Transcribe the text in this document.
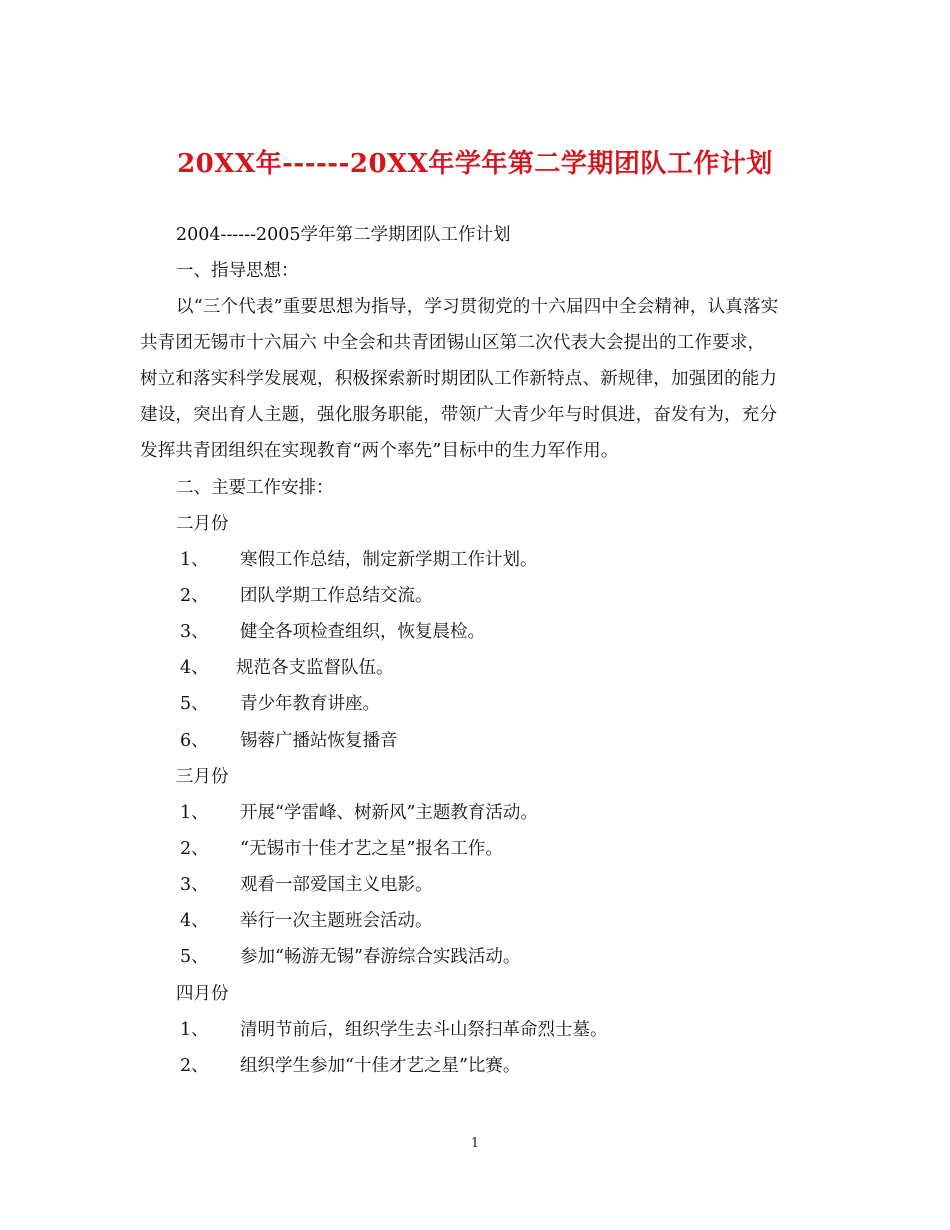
20XX年------20XX年学年第二学期团队工作计划
2004------2005学年第二学期团队工作计划
一、指导思想：
以“三个代表”重要思想为指导，学习贯彻党的十六届四中全会精神，认真落实
共青团无锡市十六届六 中全会和共青团锡山区第二次代表大会提出的工作要求，
树立和落实科学发展观，积极探索新时期团队工作新特点、新规律，加强团的能力
建设，突出育人主题，强化服务职能，带领广大青少年与时俱进，奋发有为，充分
发挥共青团组织在实现教育“两个率先”目标中的生力军作用。
二、主要工作安排：
二月份
1、 寒假工作总结，制定新学期工作计划。
2、 团队学期工作总结交流。
3、 健全各项检查组织，恢复晨检。
4、 规范各支监督队伍。
5、 青少年教育讲座。
6、 锡蓉广播站恢复播音
三月份
1、 开展“学雷峰、树新风”主题教育活动。
2、 “无锡市十佳才艺之星”报名工作。
3、 观看一部爱国主义电影。
4、 举行一次主题班会活动。
5、 参加“畅游无锡”春游综合实践活动。
四月份
1、 清明节前后，组织学生去斗山祭扫革命烈士墓。
2、 组织学生参加“十佳才艺之星”比赛。
1
